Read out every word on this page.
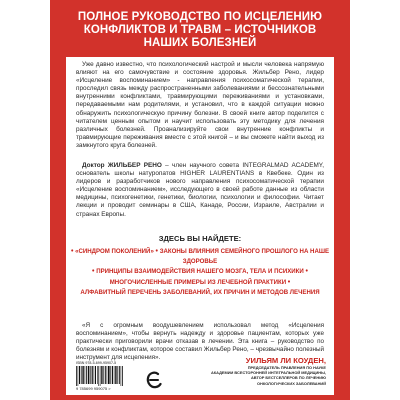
ПОЛНОЕ РУКОВОДСТВО ПО ИСЦЕЛЕНИЮ
КОНФЛИКТОВ И ТРАВМ – ИСТОЧНИКОВ
НАШИХ БОЛЕЗНЕЙ
Уже давно известно, что психологический настрой и мысли человека напрямую влияют на его самочувствие и состояние здоровья. Жильбер Рено, лидер «Исцеление воспоминанием» - направления психосоматической терапии, проследил связь между распространенными заболеваниями и бессознательными внутренними конфликтами, травмирующими переживаниями и установками, передаваемыми нам родителями, и установил, что в каждой ситуации можно обнаружить психологическую причину болезни. В своей книге автор поделится с читателем ценным опытом и научит использовать эту методику для лечения различных болезней. Проанализируйте свои внутренние конфликты и травмирующие переживания вместе с этой книгой – и вы сможете найти выход из замкнутого круга болезней.
Доктор ЖИЛЬБЕР РЕНО – член научного совета INTEGRALMAD ACADEMY, основатель школы натуропатов HIGHER LAURENTIANS в Квебеке. Один из лидеров и разработчиков нового направления психосоматической терапии «Исцеление воспоминанием», исследующего в своей работе данные из области медицины, психогенетики, генетики, биологии, психологии и философии. Читает лекции и проводит семинары в США, Канаде, России, Израиле, Австралии и странах Европы.
ЗДЕСЬ ВЫ НАЙДЕТЕ:
• «СИНДРОМ ПОКОЛЕНИЙ» • ЗАКОНЫ ВЛИЯНИЯ СЕМЕЙНОГО ПРОШЛОГО НА НАШЕ ЗДОРОВЬЕ
• ПРИНЦИПЫ ВЗАИМОДЕЙСТВИЯ НАШЕГО МОЗГА, ТЕЛА И ПСИХИКИ •
МНОГОЧИСЛЕННЫЕ ПРИМЕРЫ ИЗ ЛЕЧЕБНОЙ ПРАКТИКИ •
АЛФАВИТНЫЙ ПЕРЕЧЕНЬ ЗАБОЛЕВАНИЙ, ИХ ПРИЧИН И МЕТОДОВ ЛЕЧЕНИЯ
«Я с огромным воодушевлением использовал метод «Исцеления воспоминанием», чтобы вернуть надежду и здоровье пациентам, которых уже практически приговорили врачи отказав в лечении. Эта книга – руководство по болезням и конфликтам, которое составил Жильбер Рено, – чрезвычайно полезный инструмент для исцеления».
ISBN 978-5-699-95907-5
9 785699 959075 >
УИЛЬЯМ ЛИ КОУДЕН,
ПРЕДСЕДАТЕЛЬ ПРАВЛЕНИЯ ПО НАУКЕ
АКАДЕМИИ ВСЕСТОРОННЕЙ ИНТЕГРАЛЬНОЙ МЕДИЦИНЫ,
АВТОР БЕСТСЕЛЛЕРОВ ПО ЛЕЧЕНИЮ
ОНКОЛОГИЧЕСКИХ ЗАБОЛЕВАНИЙ
